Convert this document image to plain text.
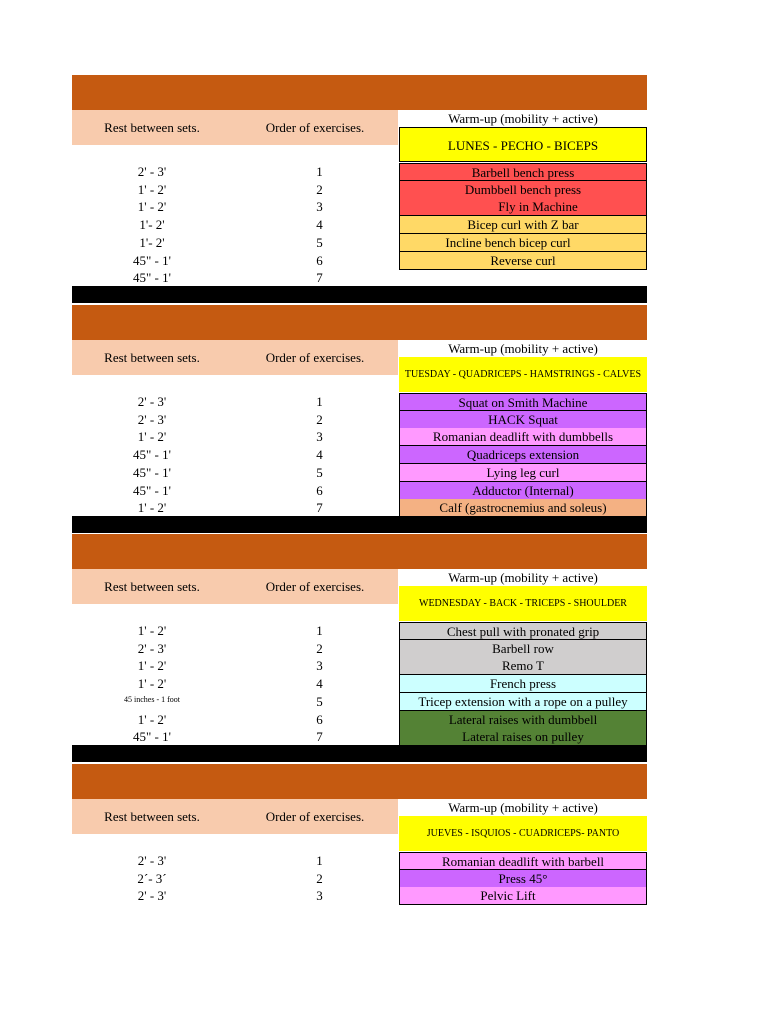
Rest between sets.	Order of exercises.
Warm-up (mobility + active)
LUNES - PECHO - BICEPS
2' - 3'	1	Barbell bench press
1' - 2'	2	Dumbbell bench press
1' - 2'	3	Fly in Machine
1'- 2'	4	Bicep curl with Z bar
1'- 2'	5	Incline bench bicep curl
45" - 1'	6	Reverse curl
45" - 1'	7
Rest between sets.	Order of exercises.
Warm-up (mobility + active)
TUESDAY - QUADRICEPS - HAMSTRINGS - CALVES
2' - 3'	1	Squat on Smith Machine
2' - 3'	2	HACK Squat
1' - 2'	3	Romanian deadlift with dumbbells
45" - 1'	4	Quadriceps extension
45" - 1'	5	Lying leg curl
45" - 1'	6	Adductor (Internal)
1' - 2'	7	Calf (gastrocnemius and soleus)
Rest between sets.	Order of exercises.
Warm-up (mobility + active)
WEDNESDAY - BACK - TRICEPS - SHOULDER
1' - 2'	1	Chest pull with pronated grip
2' - 3'	2	Barbell row
1' - 2'	3	Remo T
1' - 2'	4	French press
45 inches - 1 foot	5	Tricep extension with a rope on a pulley
1' - 2'	6	Lateral raises with dumbbell
45" - 1'	7	Lateral raises on pulley
Rest between sets.	Order of exercises.
Warm-up (mobility + active)
JUEVES - ISQUIOS - CUADRICEPS- PANTO
2' - 3'	1	Romanian deadlift with barbell
2´- 3´	2	Press 45°
2' - 3'	3	Pelvic Lift
